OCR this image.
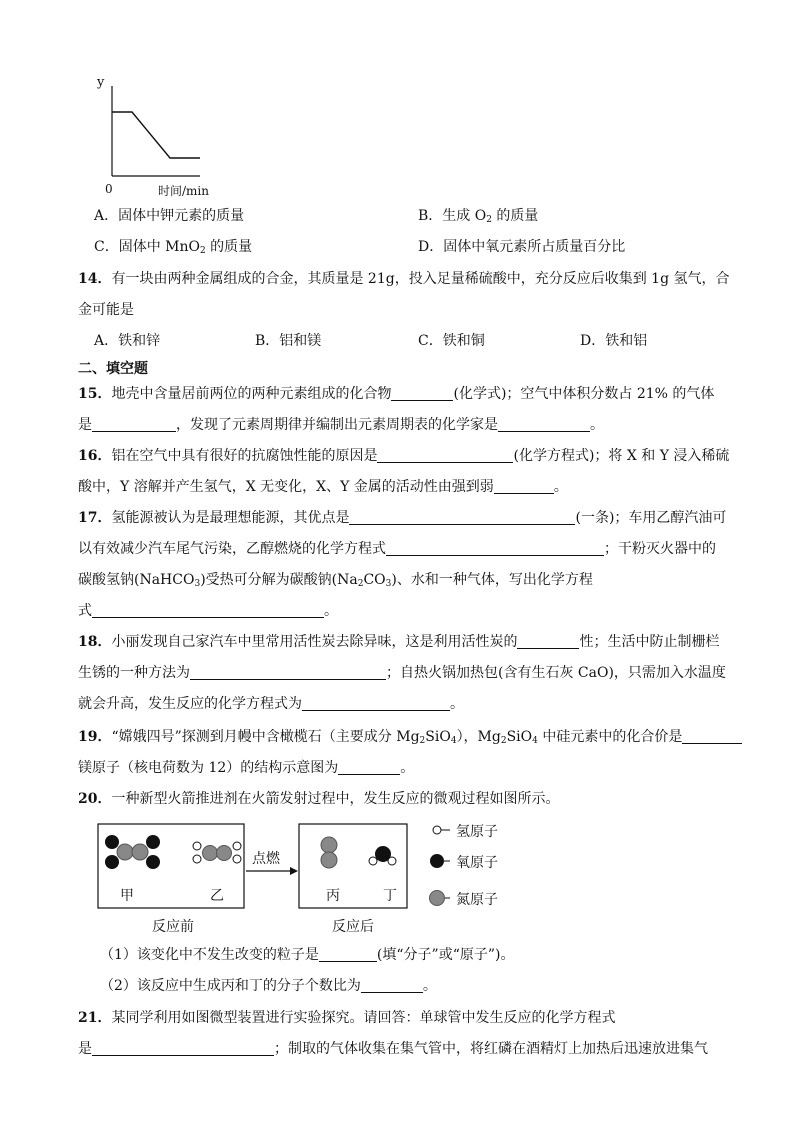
y
0	时间/min
A．固体中钾元素的质量	B．生成 $O_2$ 的质量
C．固体中 MnO$_2$ 的质量	D．固体中氧元素所占质量百分比
14．有一块由两种金属组成的合金，其质量是 21g，投入足量稀硫酸中，充分反应后收集到 1g 氢气，合
金可能是
A．铁和锌	B．铝和镁	C．铁和铜	D．铁和铝
二、填空题
15．地壳中含量居前两位的两种元素组成的化合物	(化学式)；空气中体积分数占 21% 的气体
是	，发现了元素周期律并编制出元素周期表的化学家是	。
16．铝在空气中具有很好的抗腐蚀性能的原因是	(化学方程式)；将 X 和 Y 浸入稀硫
酸中，Y 溶解并产生氢气，X 无变化，X、Y 金属的活动性由强到弱	。
17．氢能源被认为是最理想能源，其优点是	(一条)；车用乙醇汽油可
以有效减少汽车尾气污染，乙醇燃烧的化学方程式	；干粉灭火器中的
碳酸氢钠(NaHCO$_3$)受热可分解为碳酸钠$(Na_2CO_3)$、水和一种气体，写出化学方程
式	。
18．小丽发现自己家汽车中里常用活性炭去除异味，这是利用活性炭的	性；生活中防止制栅栏
生锈的一种方法为	；自热火锅加热包(含有生石灰 CaO)，只需加入水温度
就会升高，发生反应的化学方程式为	。
19．“嫦娥四号”探测到月幔中含橄榄石（主要成分 $Mg_2SiO_4$），$Mg_2SiO_4$ 中硅元素中的化合价是
镁原子（核电荷数为 12）的结构示意图为	。
20．一种新型火箭推进剂在火箭发射过程中，发生反应的微观过程如图所示。
甲	乙
点燃
丙	丁
反应前	反应后
氢原子
氧原子
氮原子
（1）该变化中不发生改变的粒子是	(填“分子”或“原子”)。
（2）该反应中生成丙和丁的分子个数比为	。
21．某同学利用如图微型装置进行实验探究。请回答：单球管中发生反应的化学方程式
是	；制取的气体收集在集气管中，将红磷在酒精灯上加热后迅速放进集气
